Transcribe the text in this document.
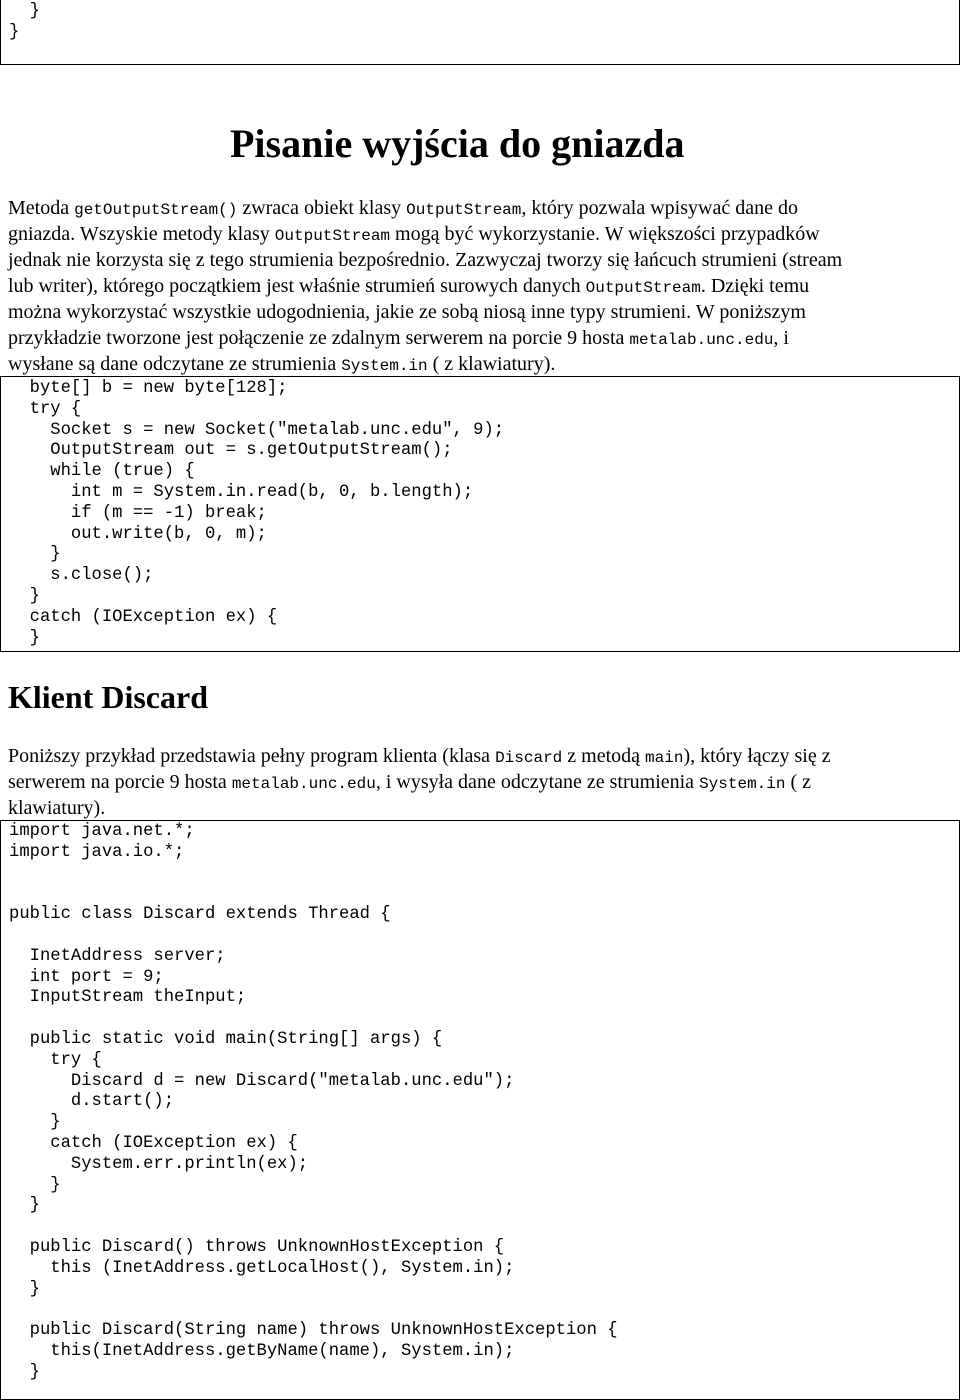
}
}
Pisanie wyjścia do gniazda
Metoda getOutputStream() zwraca obiekt klasy OutputStream, który pozwala wpisywać dane do
gniazda. Wszyskie metody klasy OutputStream mogą być wykorzystanie. W większości przypadków
jednak nie korzysta się z tego strumienia bezpośrednio. Zazwyczaj tworzy się łańcuch strumieni (stream
lub writer), którego początkiem jest właśnie strumień surowych danych OutputStream. Dzięki temu
można wykorzystać wszystkie udogodnienia, jakie ze sobą niosą inne typy strumieni. W poniższym
przykładzie tworzone jest połączenie ze zdalnym serwerem na porcie 9 hosta metalab.unc.edu, i
wysłane są dane odczytane ze strumienia System.in ( z klawiatury).
byte[] b = new byte[128];
try {
Socket s = new Socket("metalab.unc.edu", 9);
OutputStream out = s.getOutputStream();
while (true) {
int m = System.in.read(b, 0, b.length);
if (m == -1) break;
out.write(b, 0, m);
}
s.close();
}
catch (IOException ex) {
}
Klient Discard
Poniższy przykład przedstawia pełny program klienta (klasa Discard z metodą main), który łączy się z
serwerem na porcie 9 hosta metalab.unc.edu, i wysyła dane odczytane ze strumienia System.in ( z
klawiatury).
import java.net.*;
import java.io.*;
public class Discard extends Thread {
InetAddress server;
int port = 9;
InputStream theInput;
public static void main(String[] args) {
try {
Discard d = new Discard("metalab.unc.edu");
d.start();
}
catch (IOException ex) {
System.err.println(ex);
}
}
public Discard() throws UnknownHostException {
this (InetAddress.getLocalHost(), System.in);
}
public Discard(String name) throws UnknownHostException {
this(InetAddress.getByName(name), System.in);
}
